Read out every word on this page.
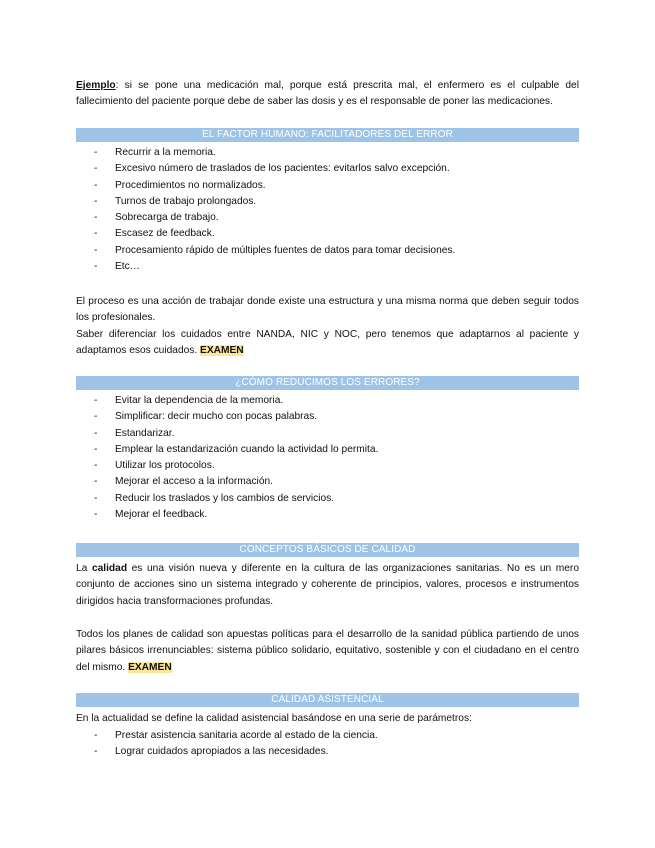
Ejemplo: si se pone una medicación mal, porque está prescrita mal, el enfermero es el culpable del fallecimiento del paciente porque debe de saber las dosis y es el responsable de poner las medicaciones.

EL FACTOR HUMANO: FACILITADORES DEL ERROR
- Recurrir a la memoria.
- Excesivo número de traslados de los pacientes: evitarlos salvo excepción.
- Procedimientos no normalizados.
- Turnos de trabajo prolongados.
- Sobrecarga de trabajo.
- Escasez de feedback.
- Procesamiento rápido de múltiples fuentes de datos para tomar decisiones.
- Etc…

El proceso es una acción de trabajar donde existe una estructura y una misma norma que deben seguir todos los profesionales.

Saber diferenciar los cuidados entre NANDA, NIC y NOC, pero tenemos que adaptarnos al paciente y adaptamos esos cuidados. EXAMEN

¿CÓMO REDUCIMOS LOS ERRORES?
- Evitar la dependencia de la memoria.
- Simplificar: decir mucho con pocas palabras.
- Estandarizar.
- Emplear la estandarización cuando la actividad lo permita.
- Utilizar los protocolos.
- Mejorar el acceso a la información.
- Reducir los traslados y los cambios de servicios.
- Mejorar el feedback.
CONCEPTOS BÁSICOS DE CALIDAD

La calidad es una visión nueva y diferente en la cultura de las organizaciones sanitarias. No es un mero conjunto de acciones sino un sistema integrado y coherente de principios, valores, procesos e instrumentos dirigidos hacia transformaciones profundas.

Todos los planes de calidad son apuestas políticas para el desarrollo de la sanidad pública partiendo de unos pilares básicos irrenunciables: sistema público solidario, equitativo, sostenible y con el ciudadano en el centro del mismo. EXAMEN

CALIDAD ASISTENCIAL

En la actualidad se define la calidad asistencial basándose en una serie de parámetros:

- Prestar asistencia sanitaria acorde al estado de la ciencia.
- Lograr cuidados apropiados a las necesidades.
